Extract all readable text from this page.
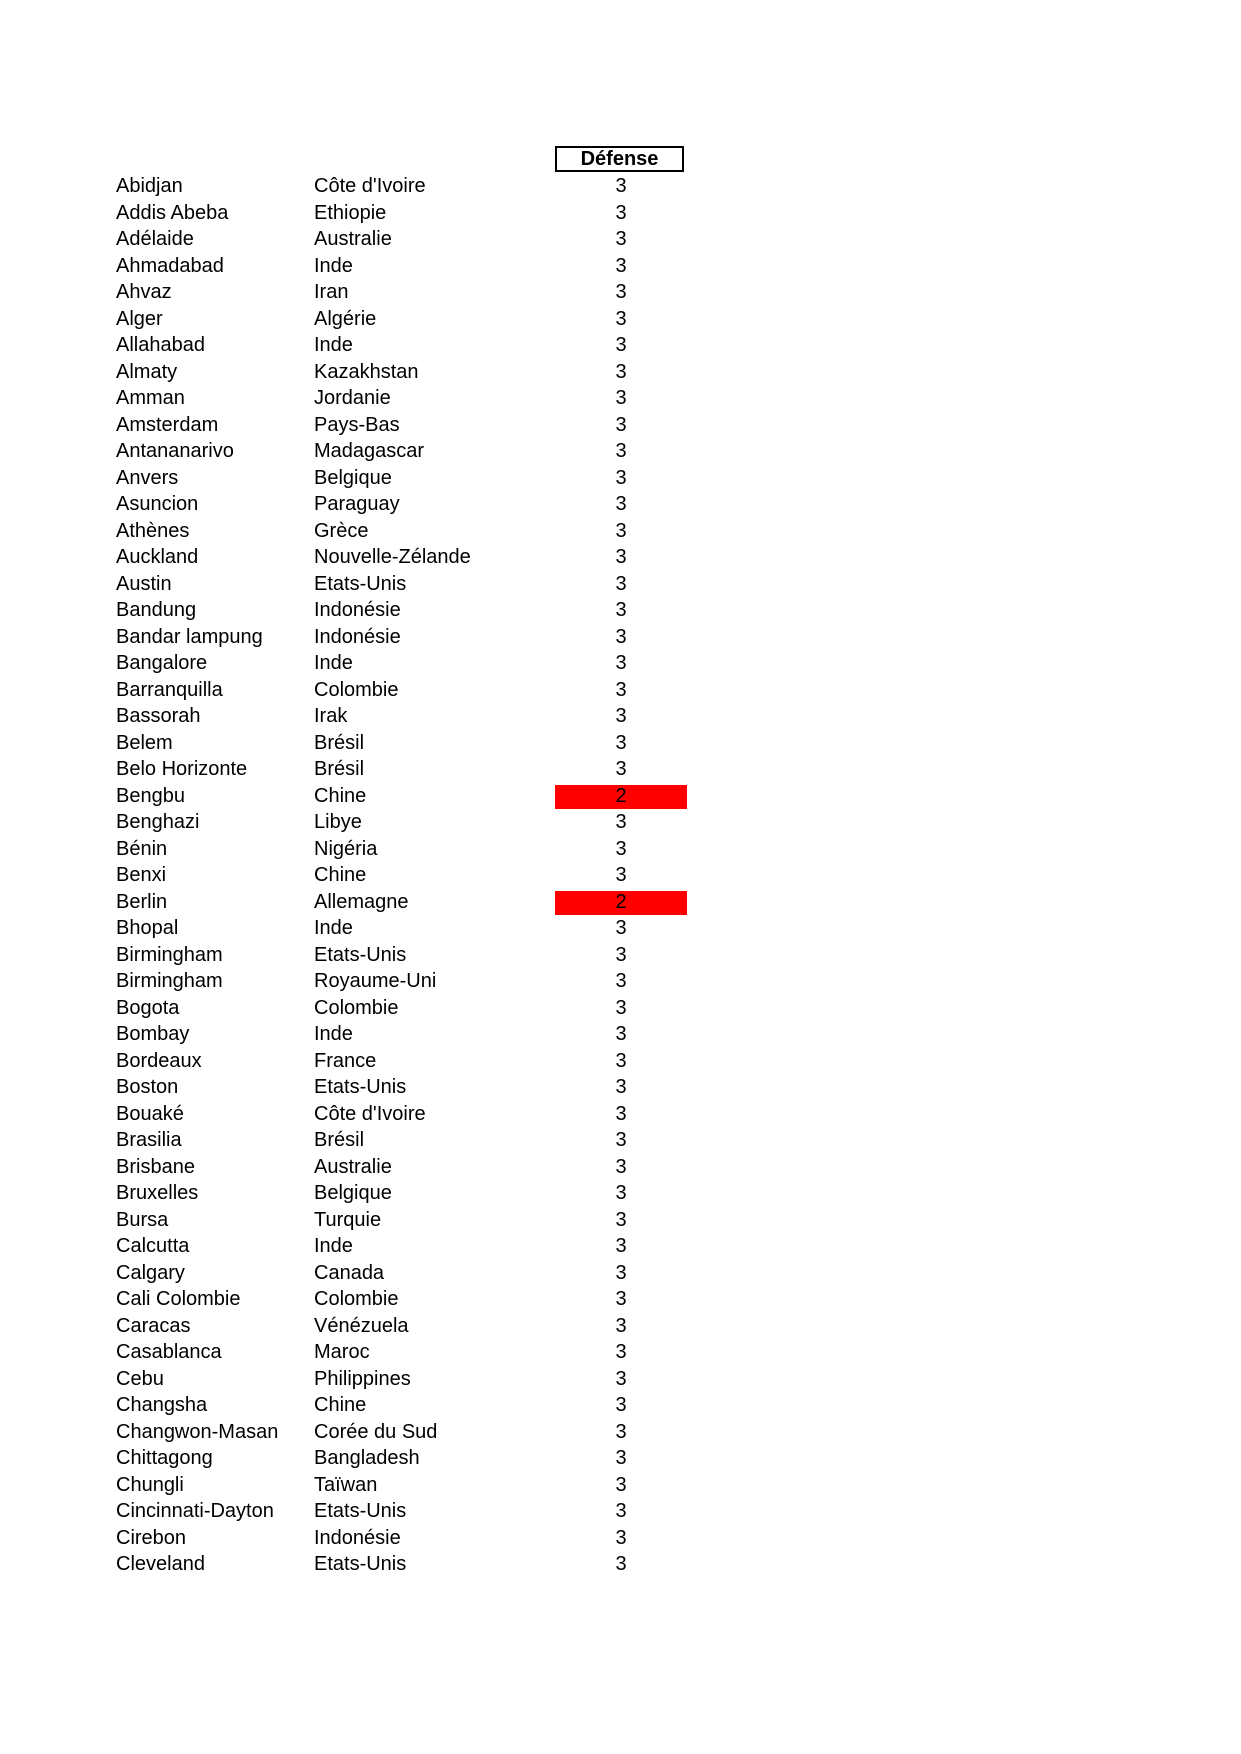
Défense
Abidjan	Côte d'Ivoire	3
Addis Abeba	Ethiopie	3
Adélaide	Australie	3
Ahmadabad	Inde	3
Ahvaz	Iran	3
Alger	Algérie	3
Allahabad	Inde	3
Almaty	Kazakhstan	3
Amman	Jordanie	3
Amsterdam	Pays-Bas	3
Antananarivo	Madagascar	3
Anvers	Belgique	3
Asuncion	Paraguay	3
Athènes	Grèce	3
Auckland	Nouvelle-Zélande	3
Austin	Etats-Unis	3
Bandung	Indonésie	3
Bandar lampung	Indonésie	3
Bangalore	Inde	3
Barranquilla	Colombie	3
Bassorah	Irak	3
Belem	Brésil	3
Belo Horizonte	Brésil	3
Bengbu	Chine	2
Benghazi	Libye	3
Bénin	Nigéria	3
Benxi	Chine	3
Berlin	Allemagne	2
Bhopal	Inde	3
Birmingham	Etats-Unis	3
Birmingham	Royaume-Uni	3
Bogota	Colombie	3
Bombay	Inde	3
Bordeaux	France	3
Boston	Etats-Unis	3
Bouaké	Côte d'Ivoire	3
Brasilia	Brésil	3
Brisbane	Australie	3
Bruxelles	Belgique	3
Bursa	Turquie	3
Calcutta	Inde	3
Calgary	Canada	3
Cali Colombie	Colombie	3
Caracas	Vénézuela	3
Casablanca	Maroc	3
Cebu	Philippines	3
Changsha	Chine	3
Changwon-Masan	Corée du Sud	3
Chittagong	Bangladesh	3
Chungli	Taïwan	3
Cincinnati-Dayton	Etats-Unis	3
Cirebon	Indonésie	3
Cleveland	Etats-Unis	3
